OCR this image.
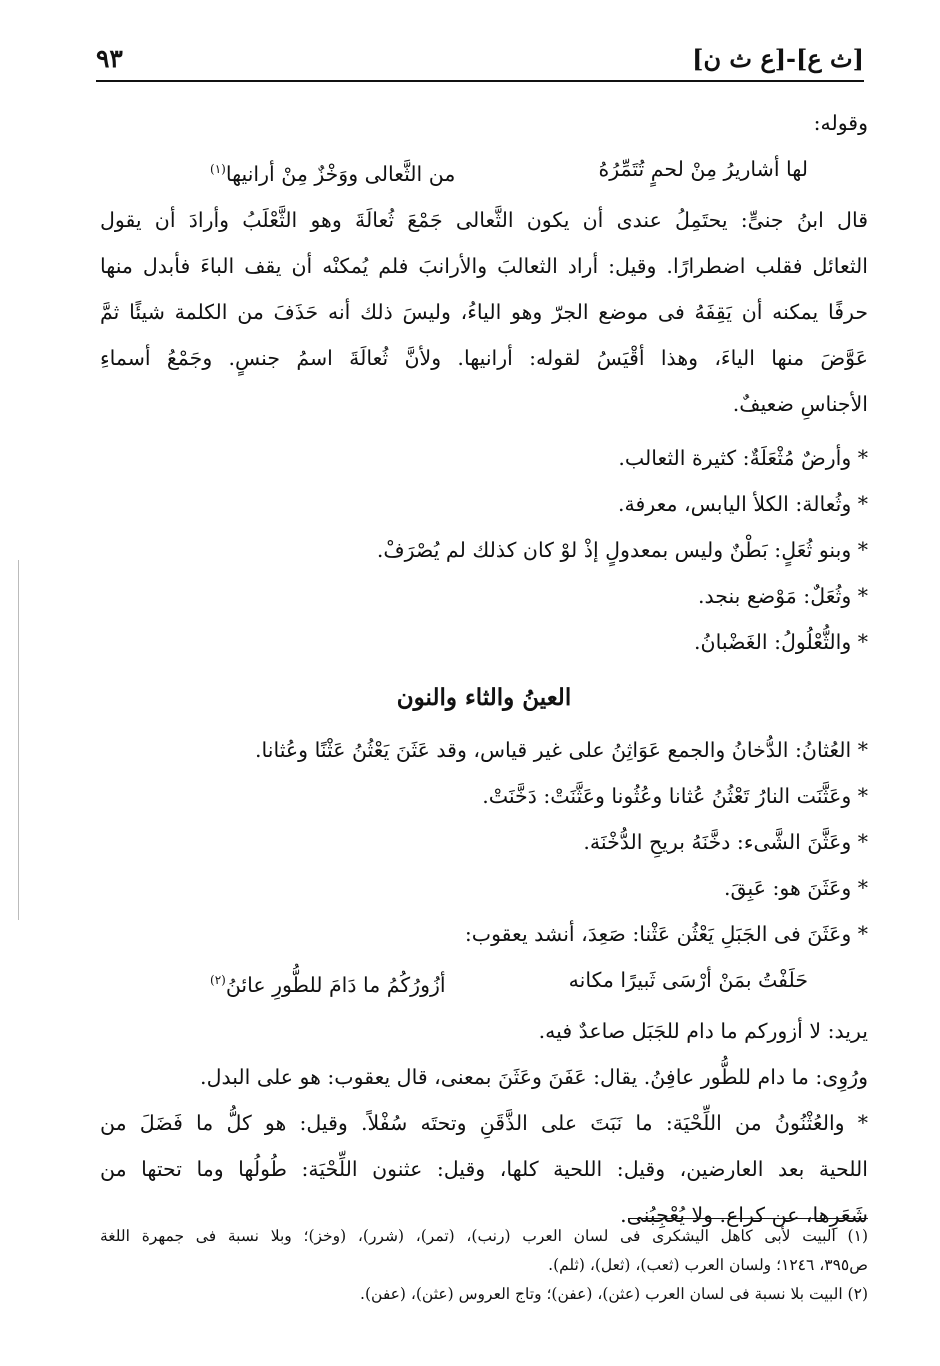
٩٣	[ث ع]-[ع ث ن]
وقوله:
لها أشاريرُ مِنْ لحمٍ تُتَمِّرُهُ
من الثَّعالى ووَخْزٌ مِنْ أرانيها$^{(١)}$
قال ابنُ جنىٍّ: يحتَمِلُ عندى أن يكون الثَّعالى جَمْعَ ثُعالَةَ وهو الثَّعْلَبُ وأرادَ أن يقول
الثعائل فقلب اضطرارًا. وقيل: أراد الثعالبَ والأرانبَ فلم يُمكنْه أن يقف الباءَ فأبدل منها
حرفًا يمكنه أن يَقِفَهُ فى موضع الجرّ وهو الياءُ، وليسَ ذلك أنه حَذَفَ من الكلمة شيئًا ثمَّ
عَوَّضَ منها الياءَ، وهذا أقْيَسُ لقوله: أرانيها. ولأنَّ ثُعالَةَ اسمُ جنسٍ. وجَمْعُ أسماءِ
الأجناسِ ضعيفٌ.
* وأرضٌ مُثْعَلَةٌ: كثيرة الثعالب.
* وثُعالة: الكلأ اليابس، معرفة.
* وبنو ثُعَلٍ: بَطْنٌ وليس بمعدولٍ إذْ لوْ كان كذلك لم يُصْرَفْ.
* وثُعَلٌ: مَوْضع بنجد.
* والثُّعْلُولُ: الغَضْبانُ.
العينُ والثاء والنون
* العُثانُ: الدُّخانُ والجمع عَوَاثِنُ على غير قياس، وقد عَثَنَ يَعْثُنُ عَثْنًا وعُثانا.
* وعَثَّنَت النارُ تَعْثُنُ عُثانا وعُثُونا وعَثَّنَتْ: دَخَّنَتْ.
* وعَثَّنَ الشَّىء: دخَّنَهُ بريحِ الدُّخْنَة.
* وعَثَنَ هو: عَبِقَ.
* وعَثَنَ فى الجَبَلِ يَعْثُن عَثْنا: صَعِدَ، أنشد يعقوب:
حَلَفْتُ بمَنْ أرْسَى ثَبيرًا مكانه
أزُورُكُمُ ما دَامَ للطُّورِ عائنُ$^{(٢)}$
يريد: لا أزوركم ما دام للجَبَل صاعدٌ فيه.
ورُوِى: ما دام للطُّور عافِنُ. يقال: عَفَنَ وعَثَنَ بمعنى، قال يعقوب: هو على البدل.
* والعُثْنُونُ من اللِّحْيَة: ما نَبَتَ على الذَّقَنِ وتحتَه سُفْلاً. وقيل: هو كلُّ ما فَضَلَ من
اللحية بعد العارضين، وقيل: اللحية كلها، وقيل: عثنون اللِّحْيَة: طُولُها وما تحتها من
شَعَرِها، عن كراع. ولا يُعْجِبُنى.
(١) البيت لأبى كاهل اليشكرى فى لسان العرب (رنب)، (تمر)، (شرر)، (وخز)؛ وبلا نسبة فى جمهرة اللغة
ص٣٩٥، ١٢٤٦؛ ولسان العرب (ثعب)، (ثعل)، (ثلم).
(٢) البيت بلا نسبة فى لسان العرب (عثن)، (عفن)؛ وتاج العروس (عثن)، (عفن).
